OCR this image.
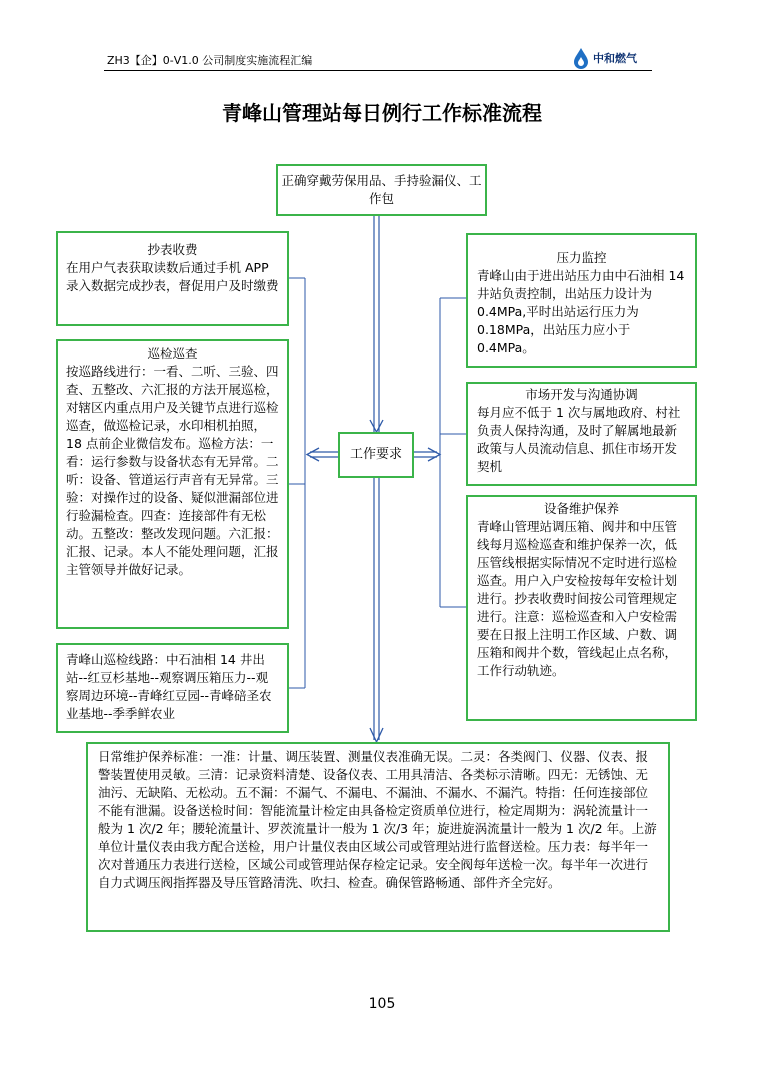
ZH3【企】0-V1.0 公司制度实施流程汇编	中和燃气
青峰山管理站每日例行工作标准流程
正确穿戴劳保用品、手持验漏仪、工作包
抄表收费
在用户气表获取读数后通过手机 APP 录入数据完成抄表，督促用户及时缴费
巡检巡查
按巡路线进行：一看、二听、三验、四查、五整改、六汇报的方法开展巡检，对辖区内重点用户及关键节点进行巡检巡查，做巡检记录，水印相机拍照，18 点前企业微信发布。巡检方法：一看：运行参数与设备状态有无异常。二听：设备、管道运行声音有无异常。三验：对操作过的设备、疑似泄漏部位进行验漏检查。四查：连接部件有无松动。五整改：整改发现问题。六汇报：汇报、记录。本人不能处理问题，汇报主管领导并做好记录。
青峰山巡检线路：中石油相 14 井出站--红豆杉基地--观察调压箱压力--观察周边环境--青峰红豆园--青峰碚圣农业基地--季季鲜农业
工作要求
压力监控
青峰山由于进出站压力由中石油相 14 井站负责控制，出站压力设计为 0.4MPa,平时出站运行压力为 0.18MPa，出站压力应小于 0.4MPa。
市场开发与沟通协调
每月应不低于 1 次与属地政府、村社负责人保持沟通，及时了解属地最新政策与人员流动信息、抓住市场开发契机
设备维护保养
青峰山管理站调压箱、阀井和中压管线每月巡检巡查和维护保养一次，低压管线根据实际情况不定时进行巡检巡查。用户入户安检按每年安检计划进行。抄表收费时间按公司管理规定进行。注意：巡检巡查和入户安检需要在日报上注明工作区域、户数、调压箱和阀井个数，管线起止点名称，工作行动轨迹。
日常维护保养标准：一准：计量、调压装置、测量仪表准确无误。二灵：各类阀门、仪器、仪表、报警装置使用灵敏。三清：记录资料清楚、设备仪表、工用具清洁、各类标示清晰。四无：无锈蚀、无油污、无缺陷、无松动。五不漏：不漏气、不漏电、不漏油、不漏水、不漏汽。特指：任何连接部位不能有泄漏。设备送检时间：智能流量计检定由具备检定资质单位进行，检定周期为：涡轮流量计一般为 1 次/2 年；腰轮流量计、罗茨流量计一般为 1 次/3 年；旋进旋涡流量计一般为 1 次/2 年。上游单位计量仪表由我方配合送检，用户计量仪表由区域公司或管理站进行监督送检。压力表：每半年一次对普通压力表进行送检，区域公司或管理站保存检定记录。安全阀每年送检一次。每半年一次进行自力式调压阀指挥器及导压管路清洗、吹扫、检查。确保管路畅通、部件齐全完好。
105
